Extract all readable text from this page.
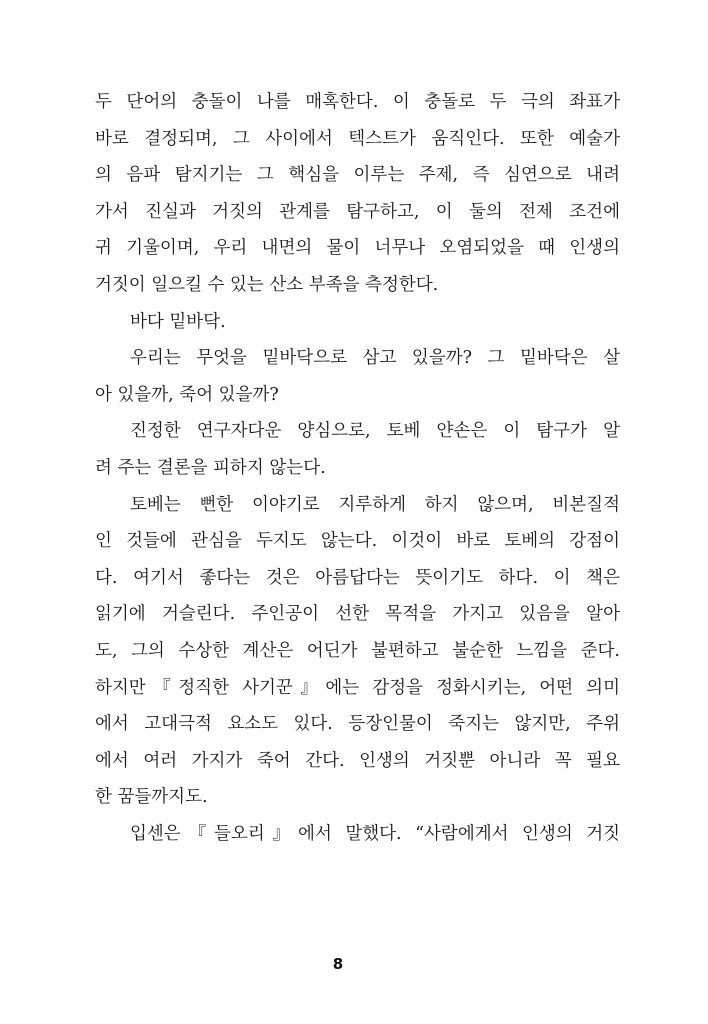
두 단어의 충돌이 나를 매혹한다. 이 충돌로 두 극의 좌표가
바로 결정되며, 그 사이에서 텍스트가 움직인다. 또한 예술가
의 음파 탐지기는 그 핵심을 이루는 주제, 즉 심연으로 내려
가서 진실과 거짓의 관계를 탐구하고, 이 둘의 전제 조건에
귀 기울이며, 우리 내면의 물이 너무나 오염되었을 때 인생의
거짓이 일으킬 수 있는 산소 부족을 측정한다.
바다 밑바닥.
우리는 무엇을 밑바닥으로 삼고 있을까? 그 밑바닥은 살
아 있을까, 죽어 있을까?
진정한 연구자다운 양심으로, 토베 얀손은 이 탐구가 알
려 주는 결론을 피하지 않는다.
토베는 뻔한 이야기로 지루하게 하지 않으며, 비본질적
인 것들에 관심을 두지도 않는다. 이것이 바로 토베의 강점이
다. 여기서 좋다는 것은 아름답다는 뜻이기도 하다. 이 책은
읽기에 거슬린다. 주인공이 선한 목적을 가지고 있음을 알아
도, 그의 수상한 계산은 어딘가 불편하고 불순한 느낌을 준다.
하지만『정직한 사기꾼』에는 감정을 정화시키는, 어떤 의미
에서 고대극적 요소도 있다. 등장인물이 죽지는 않지만, 주위
에서 여러 가지가 죽어 간다. 인생의 거짓뿐 아니라 꼭 필요
한 꿈들까지도.
입센은『들오리』에서 말했다. “사람에게서 인생의 거짓
8
